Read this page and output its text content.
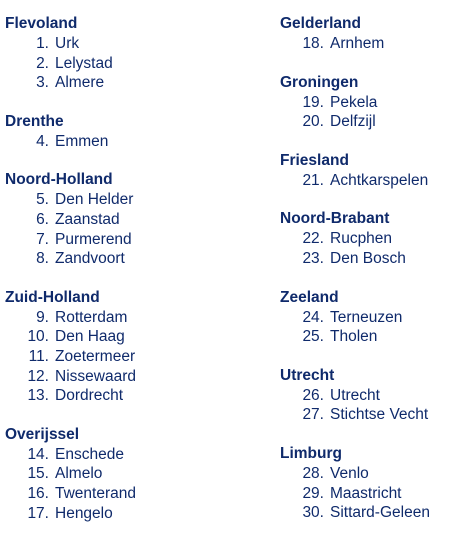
Flevoland
1. Urk
2. Lelystad
3. Almere
Drenthe
4. Emmen
Noord-Holland
5. Den Helder
6. Zaanstad
7. Purmerend
8. Zandvoort
Zuid-Holland
9. Rotterdam
10. Den Haag
11. Zoetermeer
12. Nissewaard
13. Dordrecht
Overijssel
14. Enschede
15. Almelo
16. Twenterand
17. Hengelo
Gelderland
18. Arnhem
Groningen
19. Pekela
20. Delfzijl
Friesland
21. Achtkarspelen
Noord-Brabant
22. Rucphen
23. Den Bosch
Zeeland
24. Terneuzen
25. Tholen
Utrecht
26. Utrecht
27. Stichtse Vecht
Limburg
28. Venlo
29. Maastricht
30. Sittard-Geleen
